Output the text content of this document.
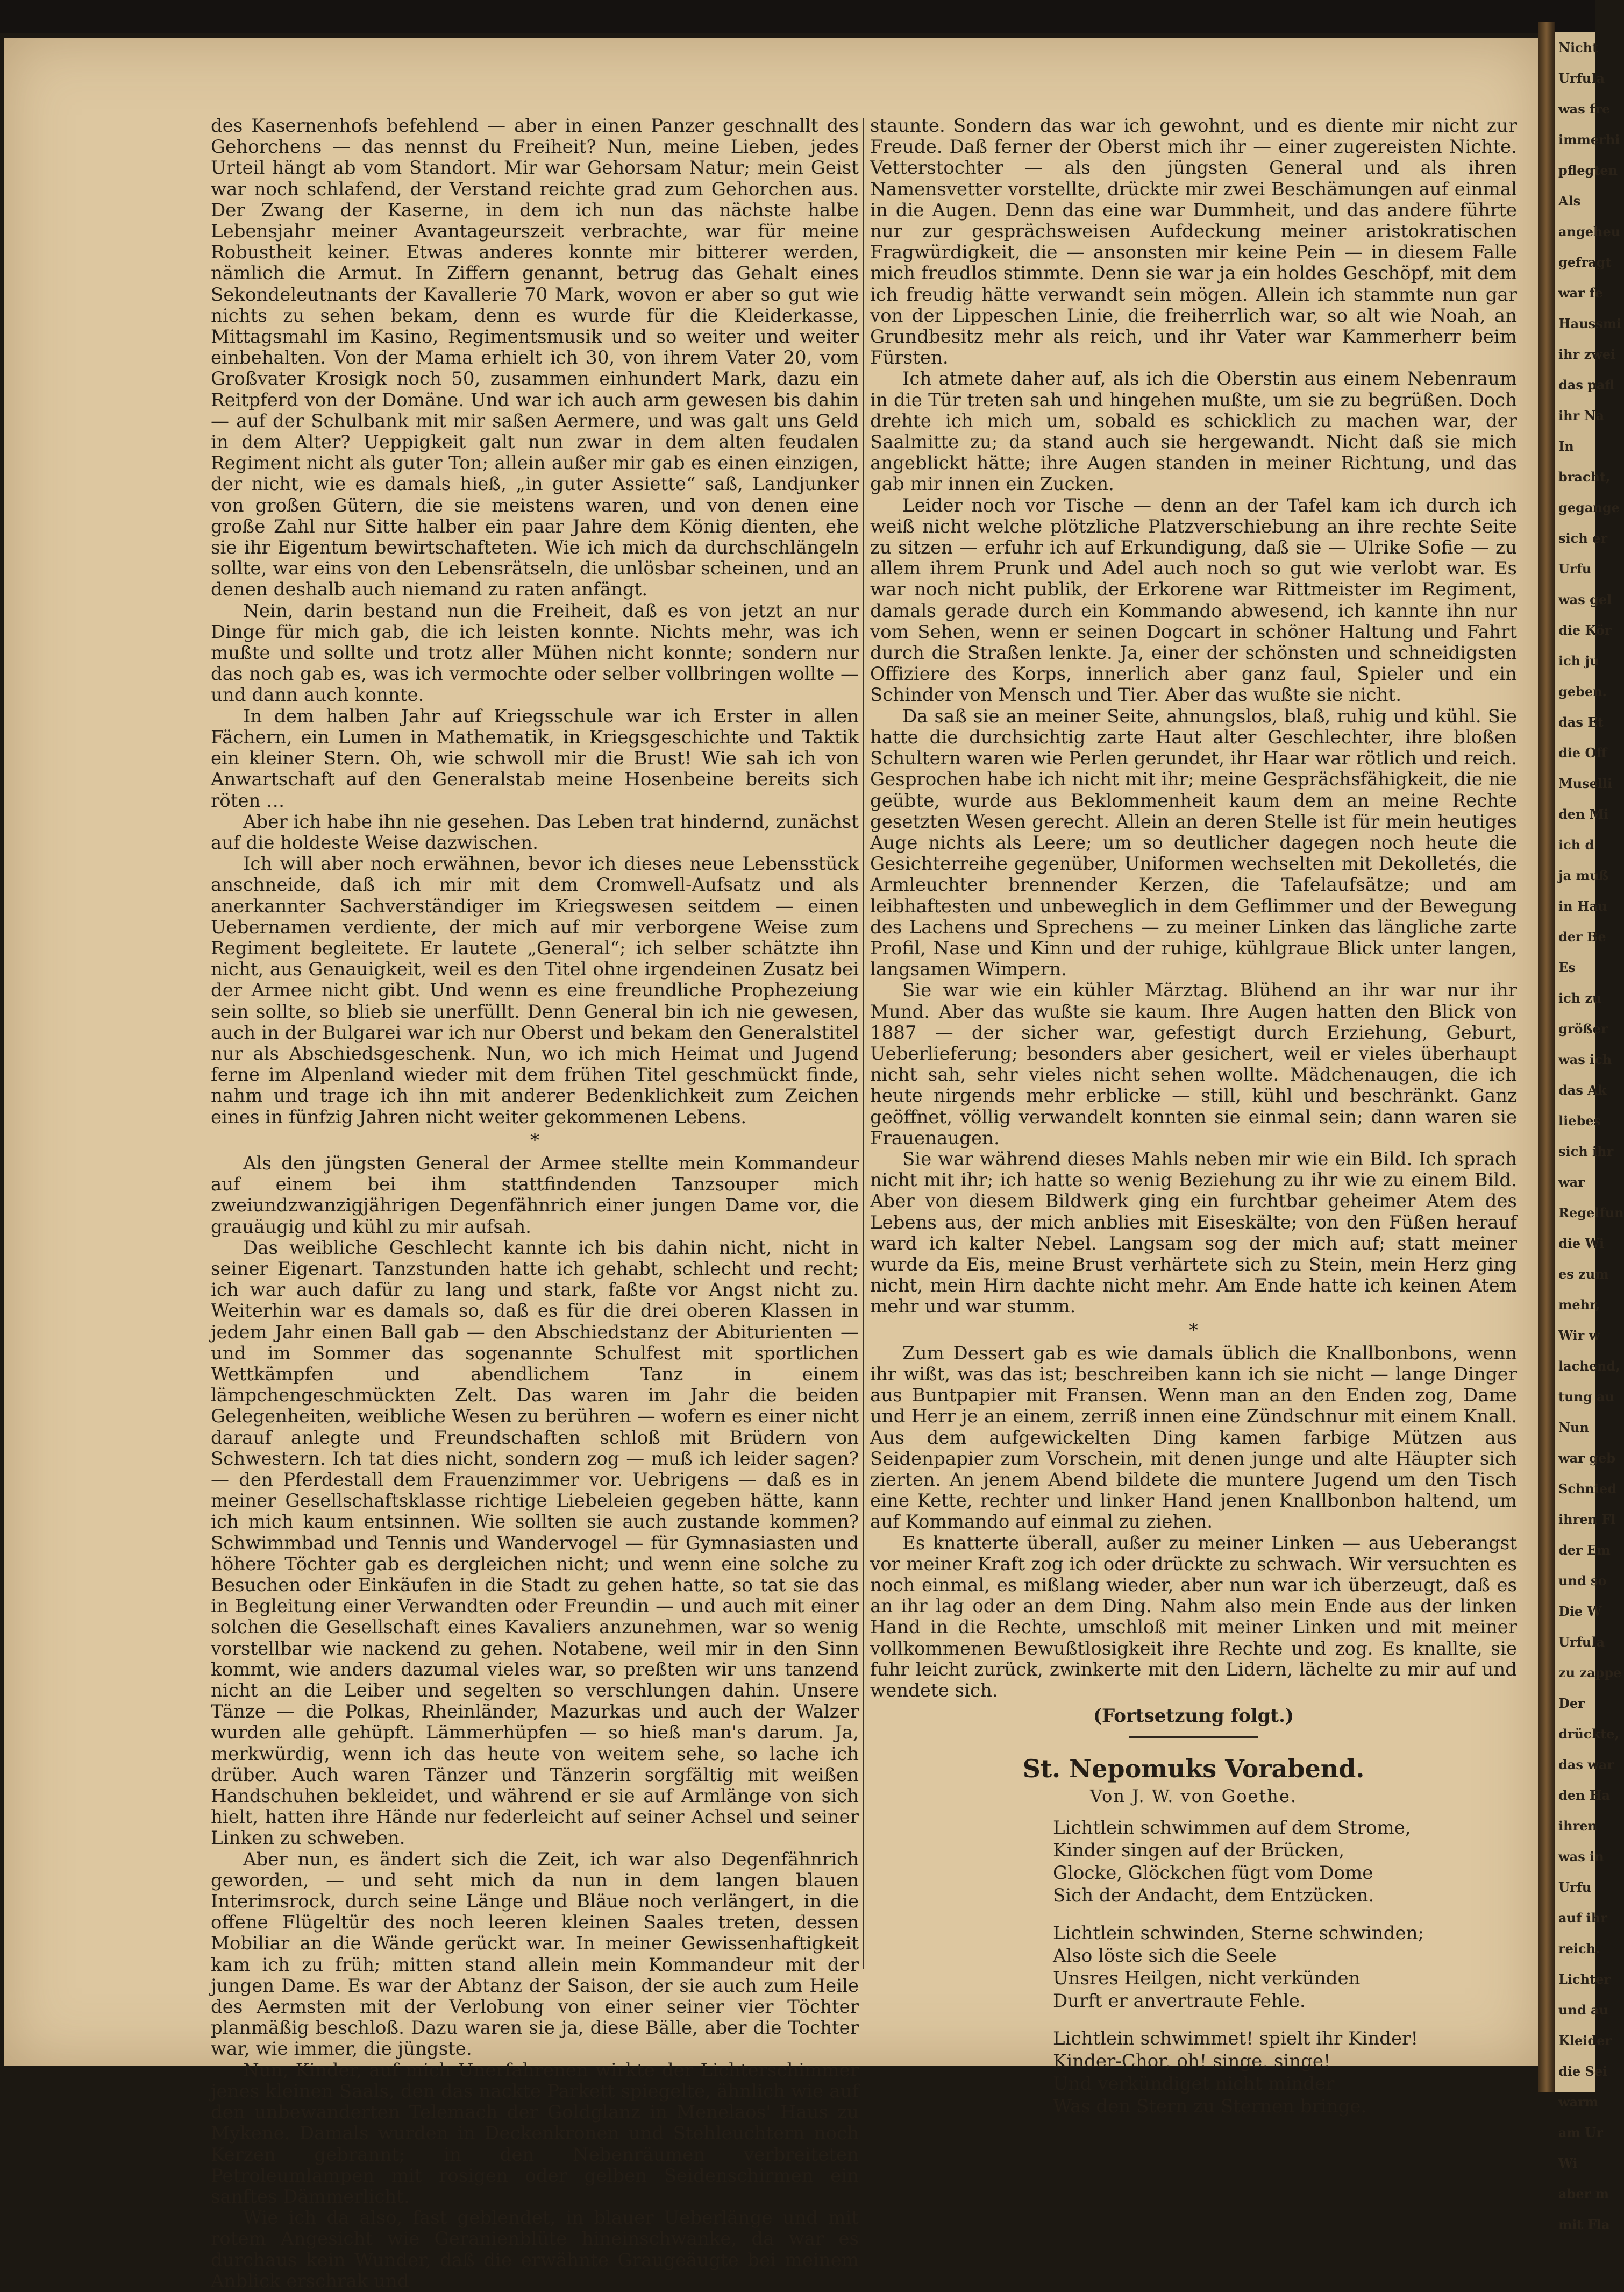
des Kasernenhofs befehlend — aber in einen Panzer geschnallt des Gehorchens — das nennst du Freiheit? Nun, meine Lieben, jedes Urteil hängt ab vom Standort. Mir war Gehorsam Natur; mein Geist war noch schlafend, der Verstand reichte grad zum Gehorchen aus. Der Zwang der Kaserne, in dem ich nun das nächste halbe Lebensjahr meiner Avantageurszeit verbrachte, war für meine Robustheit keiner. Etwas anderes konnte mir bitterer werden, nämlich die Armut. In Ziffern genannt, betrug das Gehalt eines Sekondeleutnants der Kavallerie 70 Mark, wovon er aber so gut wie nichts zu sehen bekam, denn es wurde für die Kleiderkasse, Mittagsmahl im Kasino, Regimentsmusik und so weiter und weiter einbehalten. Von der Mama erhielt ich 30, von ihrem Vater 20, vom Großvater Krosigk noch 50, zusammen einhundert Mark, dazu ein Reitpferd von der Domäne. Und war ich auch arm gewesen bis dahin — auf der Schulbank mit mir saßen Aermere, und was galt uns Geld in dem Alter? Ueppigkeit galt nun zwar in dem alten feudalen Regiment nicht als guter Ton; allein außer mir gab es einen einzigen, der nicht, wie es damals hieß, „in guter Assiette“ saß, Landjunker von großen Gütern, die sie meistens waren, und von denen eine große Zahl nur Sitte halber ein paar Jahre dem König dienten, ehe sie ihr Eigentum bewirtschafteten. Wie ich mich da durchschlängeln sollte, war eins von den Lebensrätseln, die unlösbar scheinen, und an denen deshalb auch niemand zu raten anfängt.

Nein, darin bestand nun die Freiheit, daß es von jetzt an nur Dinge für mich gab, die ich leisten konnte. Nichts mehr, was ich mußte und sollte und trotz aller Mühen nicht konnte; sondern nur das noch gab es, was ich vermochte oder selber vollbringen wollte — und dann auch konnte.

In dem halben Jahr auf Kriegsschule war ich Erster in allen Fächern, ein Lumen in Mathematik, in Kriegsgeschichte und Taktik ein kleiner Stern. Oh, wie schwoll mir die Brust! Wie sah ich von Anwartschaft auf den Generalstab meine Hosenbeine bereits sich röten …

Aber ich habe ihn nie gesehen. Das Leben trat hindernd, zunächst auf die holdeste Weise dazwischen.

Ich will aber noch erwähnen, bevor ich dieses neue Lebensstück anschneide, daß ich mir mit dem Cromwell-Aufsatz und als anerkannter Sachverständiger im Kriegswesen seitdem — einen Uebernamen verdiente, der mich auf mir verborgene Weise zum Regiment begleitete. Er lautete „General“; ich selber schätzte ihn nicht, aus Genauigkeit, weil es den Titel ohne irgendeinen Zusatz bei der Armee nicht gibt. Und wenn es eine freundliche Prophezeiung sein sollte, so blieb sie unerfüllt. Denn General bin ich nie gewesen, auch in der Bulgarei war ich nur Oberst und bekam den Generalstitel nur als Abschiedsgeschenk. Nun, wo ich mich Heimat und Jugend ferne im Alpenland wieder mit dem frühen Titel geschmückt finde, nahm und trage ich ihn mit anderer Bedenklichkeit zum Zeichen eines in fünfzig Jahren nicht weiter gekommenen Lebens.

*

Als den jüngsten General der Armee stellte mein Kommandeur auf einem bei ihm stattfindenden Tanzsouper mich zweiundzwanzigjährigen Degenfähnrich einer jungen Dame vor, die grauäugig und kühl zu mir aufsah.

Das weibliche Geschlecht kannte ich bis dahin nicht, nicht in seiner Eigenart. Tanzstunden hatte ich gehabt, schlecht und recht; ich war auch dafür zu lang und stark, faßte vor Angst nicht zu. Weiterhin war es damals so, daß es für die drei oberen Klassen in jedem Jahr einen Ball gab — den Abschiedstanz der Abiturienten — und im Sommer das sogenannte Schulfest mit sportlichen Wettkämpfen und abendlichem Tanz in einem lämpchengeschmückten Zelt. Das waren im Jahr die beiden Gelegenheiten, weibliche Wesen zu berühren — wofern es einer nicht darauf anlegte und Freundschaften schloß mit Brüdern von Schwestern. Ich tat dies nicht, sondern zog — muß ich leider sagen? — den Pferdestall dem Frauenzimmer vor. Uebrigens — daß es in meiner Gesellschaftsklasse richtige Liebeleien gegeben hätte, kann ich mich kaum entsinnen. Wie sollten sie auch zustande kommen? Schwimmbad und Tennis und Wandervogel — für Gymnasiasten und höhere Töchter gab es dergleichen nicht; und wenn eine solche zu Besuchen oder Einkäufen in die Stadt zu gehen hatte, so tat sie das in Begleitung einer Verwandten oder Freundin — und auch mit einer solchen die Gesellschaft eines Kavaliers anzunehmen, war so wenig vorstellbar wie nackend zu gehen. Notabene, weil mir in den Sinn kommt, wie anders dazumal vieles war, so preßten wir uns tanzend nicht an die Leiber und segelten so verschlungen dahin. Unsere Tänze — die Polkas, Rheinländer, Mazurkas und auch der Walzer wurden alle gehüpft. Lämmerhüpfen — so hieß man's darum. Ja, merkwürdig, wenn ich das heute von weitem sehe, so lache ich drüber. Auch waren Tänzer und Tänzerin sorgfältig mit weißen Handschuhen bekleidet, und während er sie auf Armlänge von sich hielt, hatten ihre Hände nur federleicht auf seiner Achsel und seiner Linken zu schweben.

Aber nun, es ändert sich die Zeit, ich war also Degenfähnrich geworden, — und seht mich da nun in dem langen blauen Interimsrock, durch seine Länge und Bläue noch verlängert, in die offene Flügeltür des noch leeren kleinen Saales treten, dessen Mobiliar an die Wände gerückt war. In meiner Gewissenhaftigkeit kam ich zu früh; mitten stand allein mein Kommandeur mit der jungen Dame. Es war der Abtanz der Saison, der sie auch zum Heile des Aermsten mit der Verlobung von einer seiner vier Töchter planmäßig beschloß. Dazu waren sie ja, diese Bälle, aber die Tochter war, wie immer, die jüngste.

Nun, Kinder, auf mich Unerfahrenen wirkte der Lichterschimmer jenes kleinen Saals, den das nackte Parkett spiegelte, ähnlich wie auf den unbewanderten Telemach der Goldglanz in Menelaos' Haus zu Mykene. Damals wurden in Deckenkronen und Stehleuchtern noch Kerzen gebrannt; in den Nebenräumen verbreiteten Petroleumlampen mit rosigen oder gelben Seidenschirmen ein sanftes Dämmerlicht.

Wie ich da also, fast geblendet, in blauer Ueberlänge und mit rotem Angesicht wie Geranienblüte hineinschwanke, da war es durchaus kein Wunder, daß die erwähnte Graugeäugte bei meinem Anblick erschrak und

staunte. Sondern das war ich gewohnt, und es diente mir nicht zur Freude. Daß ferner der Oberst mich ihr — einer zugereisten Nichte. Vetterstochter — als den jüngsten General und als ihren Namensvetter vorstellte, drückte mir zwei Beschämungen auf einmal in die Augen. Denn das eine war Dummheit, und das andere führte nur zur gesprächsweisen Aufdeckung meiner aristokratischen Fragwürdigkeit, die — ansonsten mir keine Pein — in diesem Falle mich freudlos stimmte. Denn sie war ja ein holdes Geschöpf, mit dem ich freudig hätte verwandt sein mögen. Allein ich stammte nun gar von der Lippeschen Linie, die freiherrlich war, so alt wie Noah, an Grundbesitz mehr als reich, und ihr Vater war Kammerherr beim Fürsten.

Ich atmete daher auf, als ich die Oberstin aus einem Nebenraum in die Tür treten sah und hingehen mußte, um sie zu begrüßen. Doch drehte ich mich um, sobald es schicklich zu machen war, der Saalmitte zu; da stand auch sie hergewandt. Nicht daß sie mich angeblickt hätte; ihre Augen standen in meiner Richtung, und das gab mir innen ein Zucken.

Leider noch vor Tische — denn an der Tafel kam ich durch ich weiß nicht welche plötzliche Platzverschiebung an ihre rechte Seite zu sitzen — erfuhr ich auf Erkundigung, daß sie — Ulrike Sofie — zu allem ihrem Prunk und Adel auch noch so gut wie verlobt war. Es war noch nicht publik, der Erkorene war Rittmeister im Regiment, damals gerade durch ein Kommando abwesend, ich kannte ihn nur vom Sehen, wenn er seinen Dogcart in schöner Haltung und Fahrt durch die Straßen lenkte. Ja, einer der schönsten und schneidigsten Offiziere des Korps, innerlich aber ganz faul, Spieler und ein Schinder von Mensch und Tier. Aber das wußte sie nicht.

Da saß sie an meiner Seite, ahnungslos, blaß, ruhig und kühl. Sie hatte die durchsichtig zarte Haut alter Geschlechter, ihre bloßen Schultern waren wie Perlen gerundet, ihr Haar war rötlich und reich. Gesprochen habe ich nicht mit ihr; meine Gesprächsfähigkeit, die nie geübte, wurde aus Beklommenheit kaum dem an meine Rechte gesetzten Wesen gerecht. Allein an deren Stelle ist für mein heutiges Auge nichts als Leere; um so deutlicher dagegen noch heute die Gesichterreihe gegenüber, Uniformen wechselten mit Dekolletés, die Armleuchter brennender Kerzen, die Tafelaufsätze; und am leibhaftesten und unbeweglich in dem Geflimmer und der Bewegung des Lachens und Sprechens — zu meiner Linken das längliche zarte Profil, Nase und Kinn und der ruhige, kühlgraue Blick unter langen, langsamen Wimpern.

Sie war wie ein kühler Märztag. Blühend an ihr war nur ihr Mund. Aber das wußte sie kaum. Ihre Augen hatten den Blick von 1887 — der sicher war, gefestigt durch Erziehung, Geburt, Ueberlieferung; besonders aber gesichert, weil er vieles überhaupt nicht sah, sehr vieles nicht sehen wollte. Mädchenaugen, die ich heute nirgends mehr erblicke — still, kühl und beschränkt. Ganz geöffnet, völlig verwandelt konnten sie einmal sein; dann waren sie Frauenaugen.

Sie war während dieses Mahls neben mir wie ein Bild. Ich sprach nicht mit ihr; ich hatte so wenig Beziehung zu ihr wie zu einem Bild. Aber von diesem Bildwerk ging ein furchtbar geheimer Atem des Lebens aus, der mich anblies mit Eiseskälte; von den Füßen herauf ward ich kalter Nebel. Langsam sog der mich auf; statt meiner wurde da Eis, meine Brust verhärtete sich zu Stein, mein Herz ging nicht, mein Hirn dachte nicht mehr. Am Ende hatte ich keinen Atem mehr und war stumm.

*

Zum Dessert gab es wie damals üblich die Knallbonbons, wenn ihr wißt, was das ist; beschreiben kann ich sie nicht — lange Dinger aus Buntpapier mit Fransen. Wenn man an den Enden zog, Dame und Herr je an einem, zerriß innen eine Zündschnur mit einem Knall. Aus dem aufgewickelten Ding kamen farbige Mützen aus Seidenpapier zum Vorschein, mit denen junge und alte Häupter sich zierten. An jenem Abend bildete die muntere Jugend um den Tisch eine Kette, rechter und linker Hand jenen Knallbonbon haltend, um auf Kommando auf einmal zu ziehen.

Es knatterte überall, außer zu meiner Linken — aus Ueberangst vor meiner Kraft zog ich oder drückte zu schwach. Wir versuchten es noch einmal, es mißlang wieder, aber nun war ich überzeugt, daß es an ihr lag oder an dem Ding. Nahm also mein Ende aus der linken Hand in die Rechte, umschloß mit meiner Linken und mit meiner vollkommenen Bewußtlosigkeit ihre Rechte und zog. Es knallte, sie fuhr leicht zurück, zwinkerte mit den Lidern, lächelte zu mir auf und wendete sich.

(Fortsetzung folgt.)

St. Nepomuks Vorabend.
Von J. W. von Goethe.
Lichtlein schwimmen auf dem Strome,
Kinder singen auf der Brücken,
Glocke, Glöckchen fügt vom Dome
Sich der Andacht, dem Entzücken.
Lichtlein schwinden, Sterne schwinden;
Also löste sich die Seele
Unsres Heilgen, nicht verkünden
Durft er anvertraute Fehle.
Lichtlein schwimmet! spielt ihr Kinder!
Kinder-Chor, oh! singe, singe!
Und verkündiget nicht minder
Was den Stern zu Sternen bringe.
Nicht
Urfula
was fre
immerhi
pflegten
Als
angeheu
gefragt
war fe
Haussmi
ihr zwei
das pafl
ihr Na
In
bracht,
gegange
sich er
Urfu
was gel
die Kör
ich ju
geben.
das Et
die Off
Muselli
den Mi
ich d
ja muß
in Hau
der Be
Es
ich zu
größer
was ich
das Ak
liebes
sich ihr
war
Regelfun
die Wi
es zum
mehr,
Wir w
lachend,
tung au
Nun
war geb
Schnied
ihren Fl
der Em
und so
Die W
Urfula
zu zappe
Der
drückte,
das war
den Ha
ihren
was in
Urfu
auf ihr
reich.
Lichter
und au
Kleider
die Sei
warm
am Ur
Wi
aber m
mit Fla
